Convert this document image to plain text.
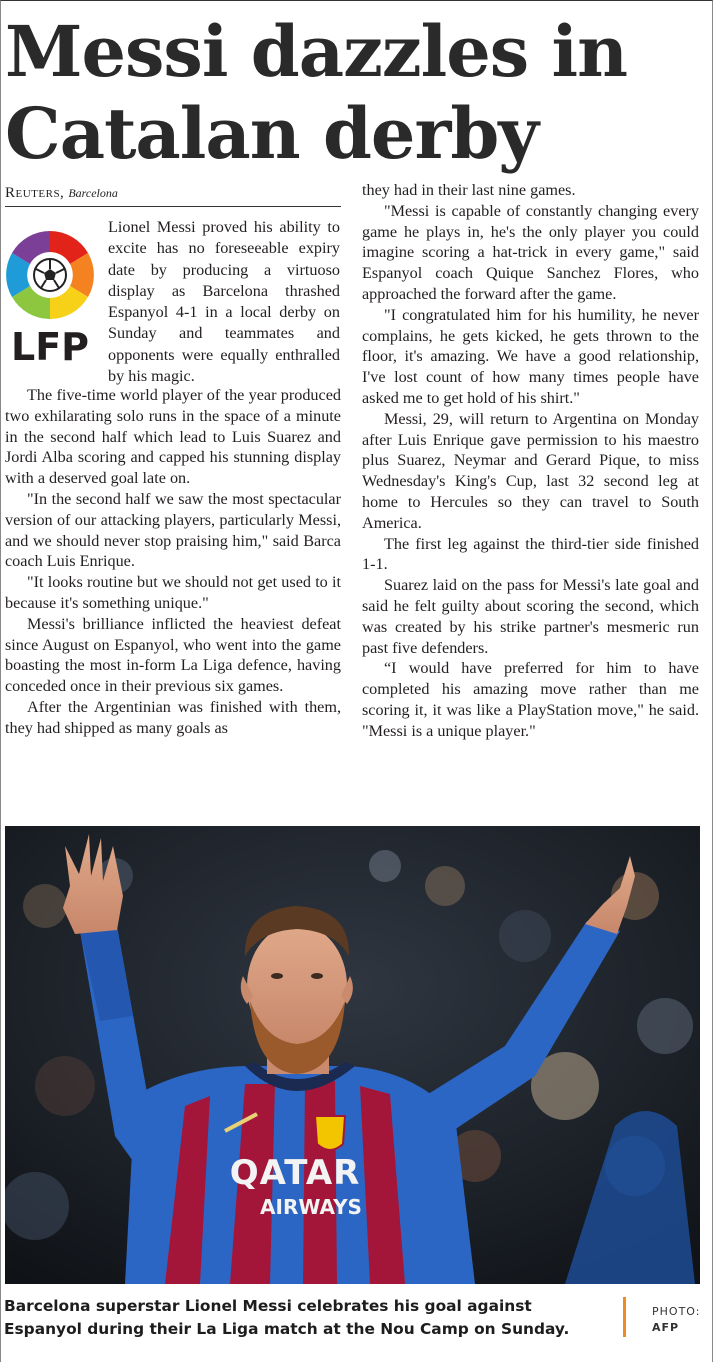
Messi dazzles in Catalan derby
Reuters, Barcelona
LFP

Lionel Messi proved his ability to excite has no foreseeable expiry date by producing a virtuoso display as Barcelona thrashed Espanyol 4-1 in a local derby on Sunday and teammates and opponents were equally enthralled by his magic.

The five-time world player of the year produced two exhilarating solo runs in the space of a minute in the second half which lead to Luis Suarez and Jordi Alba scoring and capped his stunning display with a deserved goal late on.

"In the second half we saw the most spectacular version of our attacking players, particularly Messi, and we should never stop praising him," said Barca coach Luis Enrique.

"It looks routine but we should not get used to it because it's something unique."

Messi's brilliance inflicted the heaviest defeat since August on Espanyol, who went into the game boasting the most in-form La Liga defence, having conceded once in their previous six games.

After the Argentinian was finished with them, they had shipped as many goals as

they had in their last nine games.

"Messi is capable of constantly changing every game he plays in, he's the only player you could imagine scoring a hat-trick in every game," said Espanyol coach Quique Sanchez Flores, who approached the forward after the game.

"I congratulated him for his humility, he never complains, he gets kicked, he gets thrown to the floor, it's amazing. We have a good relationship, I've lost count of how many times people have asked me to get hold of his shirt."

Messi, 29, will return to Argentina on Monday after Luis Enrique gave permission to his maestro plus Suarez, Neymar and Gerard Pique, to miss Wednesday's King's Cup, last 32 second leg at home to Hercules so they can travel to South America.

The first leg against the third-tier side finished 1-1.

Suarez laid on the pass for Messi's late goal and said he felt guilty about scoring the second, which was created by his strike partner's mesmeric run past five defenders.

“I would have preferred for him to have completed his amazing move rather than me scoring it, it was like a PlayStation move," he said. "Messi is a unique player."

QATAR
AIRWAYS
Barcelona superstar Lionel Messi celebrates his goal against Espanyol during their La Liga match at the Nou Camp on Sunday.
PHOTO:
AFP
